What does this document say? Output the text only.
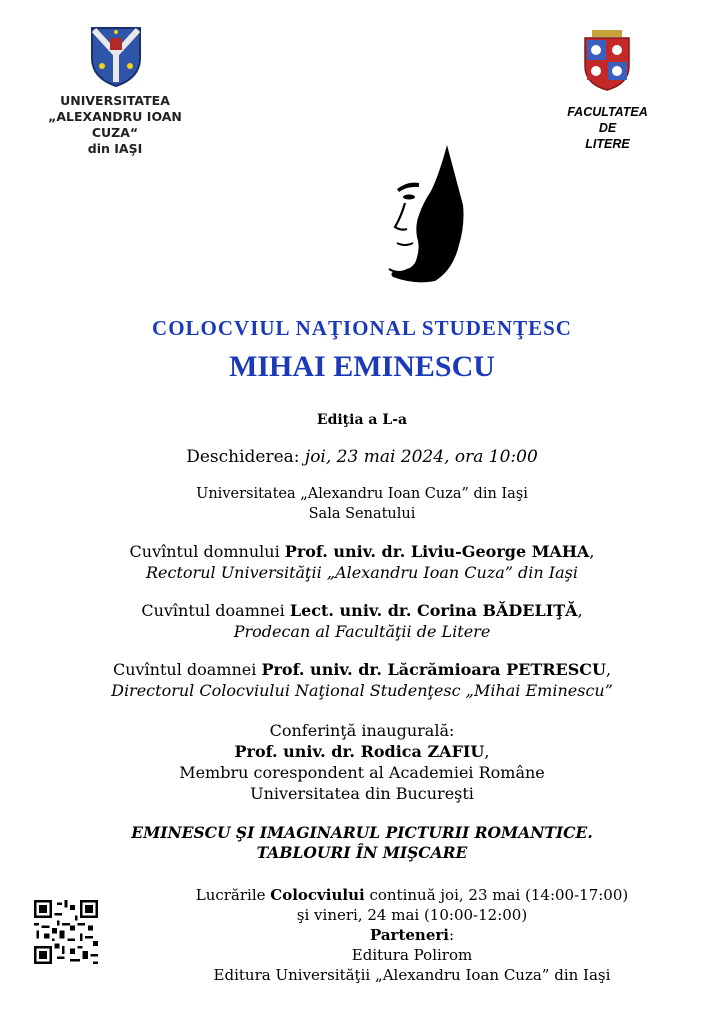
UNIVERSITATEA
„ALEXANDRU IOAN CUZA“
din IAŞI
FACULTATEA
DE
LITERE
COLOCVIUL NAŢIONAL STUDENŢESC
MIHAI EMINESCU
Ediţia a L-a
Deschiderea: joi, 23 mai 2024, ora 10:00
Universitatea „Alexandru Ioan Cuza” din Iaşi
Sala Senatului
Cuvîntul domnului Prof. univ. dr. Liviu-George MAHA,
Rectorul Universităţii „Alexandru Ioan Cuza” din Iaşi
Cuvîntul doamnei Lect. univ. dr. Corina BĂDELIŢĂ,
Prodecan al Facultăţii de Litere
Cuvîntul doamnei Prof. univ. dr. Lăcrămioara PETRESCU,
Directorul Colocviului Naţional Studenţesc „Mihai Eminescu”
Conferinţă inaugurală:
Prof. univ. dr. Rodica ZAFIU,
Membru corespondent al Academiei Române
Universitatea din Bucureşti
EMINESCU ŞI IMAGINARUL PICTURII ROMANTICE.
TABLOURI ÎN MIŞCARE
Lucrările Colocviului continuă joi, 23 mai (14:00-17:00)
şi vineri, 24 mai (10:00-12:00)
Parteneri:
Editura Polirom
Editura Universităţii „Alexandru Ioan Cuza” din Iaşi
